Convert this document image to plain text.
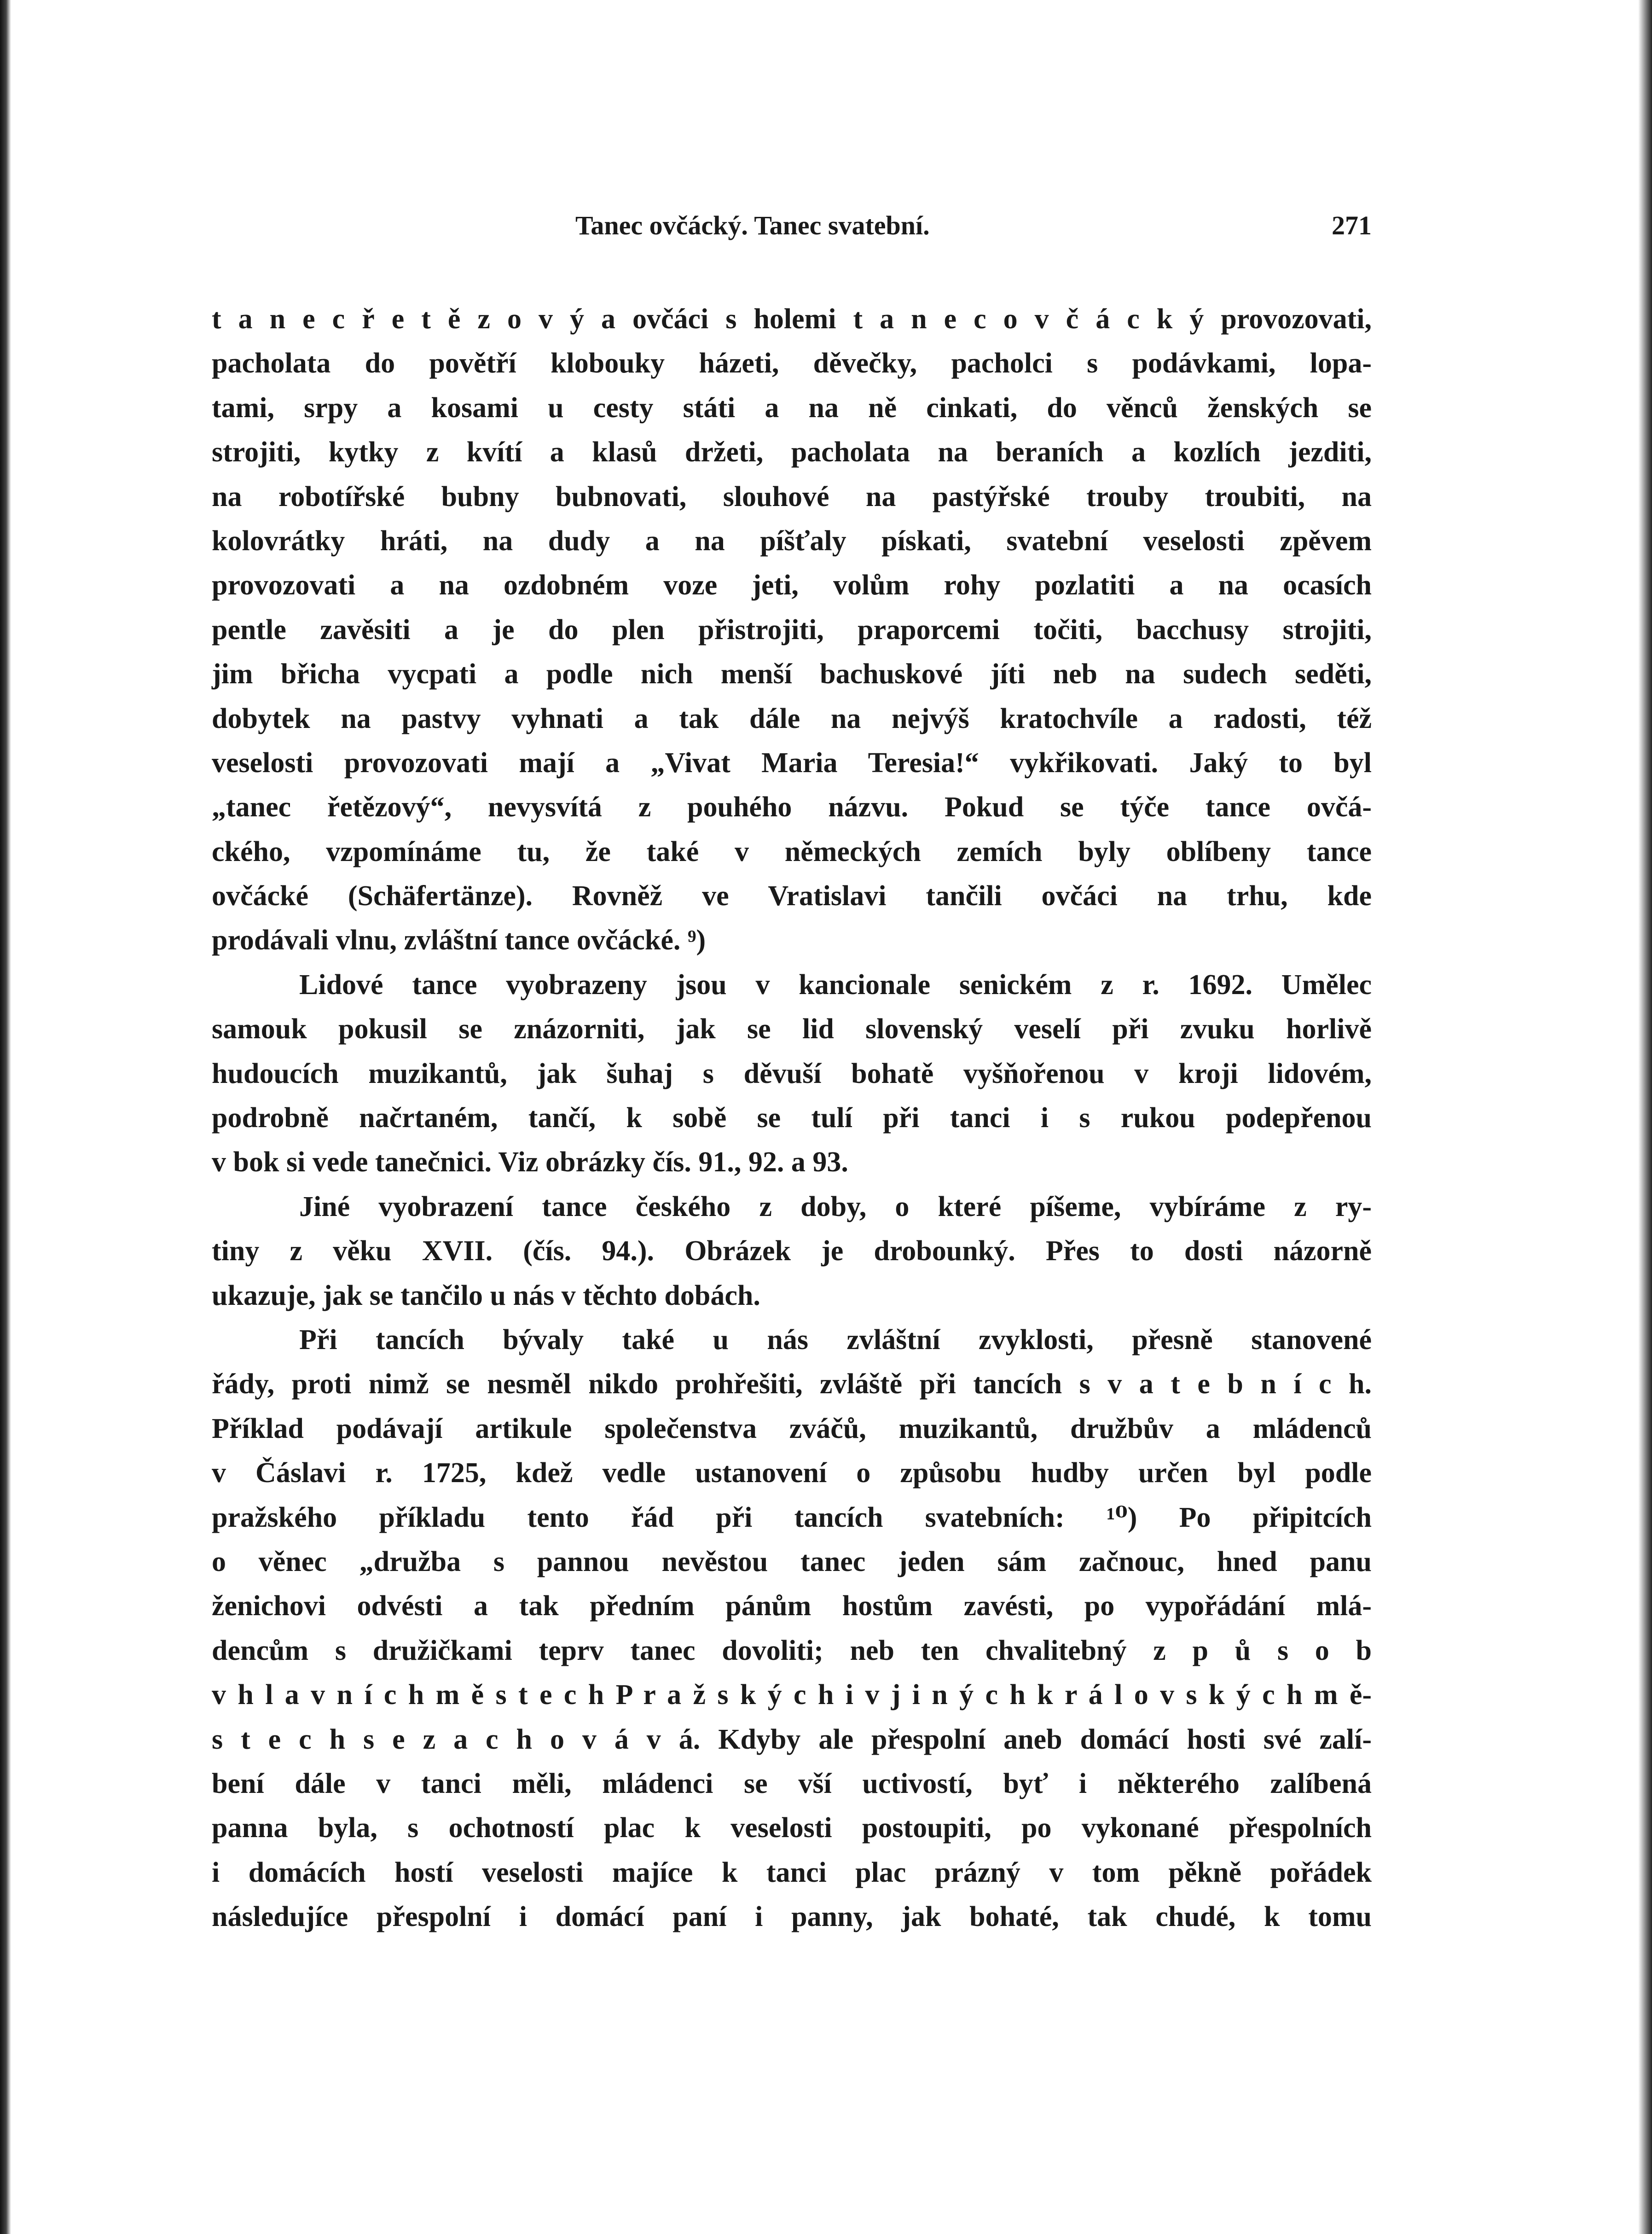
Tanec ovčácký. Tanec svatební.	271
t a n e c ř e t ě z o v ý a ovčáci s holemi t a n e c o v č á c k ý provozovati,
pacholata do povětří klobouky házeti, děvečky, pacholci s podávkami, lopa-
tami, srpy a kosami u cesty státi a na ně cinkati, do věnců ženských se
strojiti, kytky z kvítí a klasů držeti, pacholata na beraních a kozlích jezditi,
na robotířské bubny bubnovati, slouhové na pastýřské trouby troubiti, na
kolovrátky hráti, na dudy a na píšťaly pískati, svatební veselosti zpěvem
provozovati a na ozdobném voze jeti, volům rohy pozlatiti a na ocasích
pentle zavěsiti a je do plen přistrojiti, praporcemi točiti, bacchusy strojiti,
jim břicha vycpati a podle nich menší bachuskové jíti neb na sudech seděti,
dobytek na pastvy vyhnati a tak dále na nejvýš kratochvíle a radosti, též
veselosti provozovati mají a „Vivat Maria Teresia!“ vykřikovati. Jaký to byl
„tanec řetězový“, nevysvítá z pouhého názvu. Pokud se týče tance ovčá-
ckého, vzpomínáme tu, že také v německých zemích byly oblíbeny tance
ovčácké (Schäfertänze). Rovněž ve Vratislavi tančili ovčáci na trhu, kde
prodávali vlnu, zvláštní tance ovčácké. ⁹)
Lidové tance vyobrazeny jsou v kancionale senickém z r. 1692. Umělec
samouk pokusil se znázorniti, jak se lid slovenský veselí při zvuku horlivě
hudoucích muzikantů, jak šuhaj s děvuší bohatě vyšňořenou v kroji lidovém,
podrobně načrtaném, tančí, k sobě se tulí při tanci i s rukou podepřenou
v bok si vede tanečnici. Viz obrázky čís. 91., 92. a 93.
Jiné vyobrazení tance českého z doby, o které píšeme, vybíráme z ry-
tiny z věku XVII. (čís. 94.). Obrázek je drobounký. Přes to dosti názorně
ukazuje, jak se tančilo u nás v těchto dobách.
Při tancích bývaly také u nás zvláštní zvyklosti, přesně stanovené
řády, proti nimž se nesměl nikdo prohřešiti, zvláště při tancích s v a t e b n í c h.
Příklad podávají artikule společenstva zváčů, muzikantů, družbův a mládenců
v Čáslavi r. 1725, kdež vedle ustanovení o způsobu hudby určen byl podle
pražského příkladu tento řád při tancích svatebních: ¹⁰) Po připitcích
o věnec „družba s pannou nevěstou tanec jeden sám začnouc, hned panu
ženichovi odvésti a tak předním pánům hostům zavésti, po vypořádání mlá-
dencům s družičkami teprv tanec dovoliti; neb ten chvalitebný z p ů s o b
v h l a v n í c h m ě s t e c h P r a ž s k ý c h i v j i n ý c h k r á l o v s k ý c h m ě-
s t e c h s e z a c h o v á v á. Kdyby ale přespolní aneb domácí hosti své zalí-
bení dále v tanci měli, mládenci se vší uctivostí, byť i některého zalíbená
panna byla, s ochotností plac k veselosti postoupiti, po vykonané přespolních
i domácích hostí veselosti majíce k tanci plac prázný v tom pěkně pořádek
následujíce přespolní i domácí paní i panny, jak bohaté, tak chudé, k tomu
